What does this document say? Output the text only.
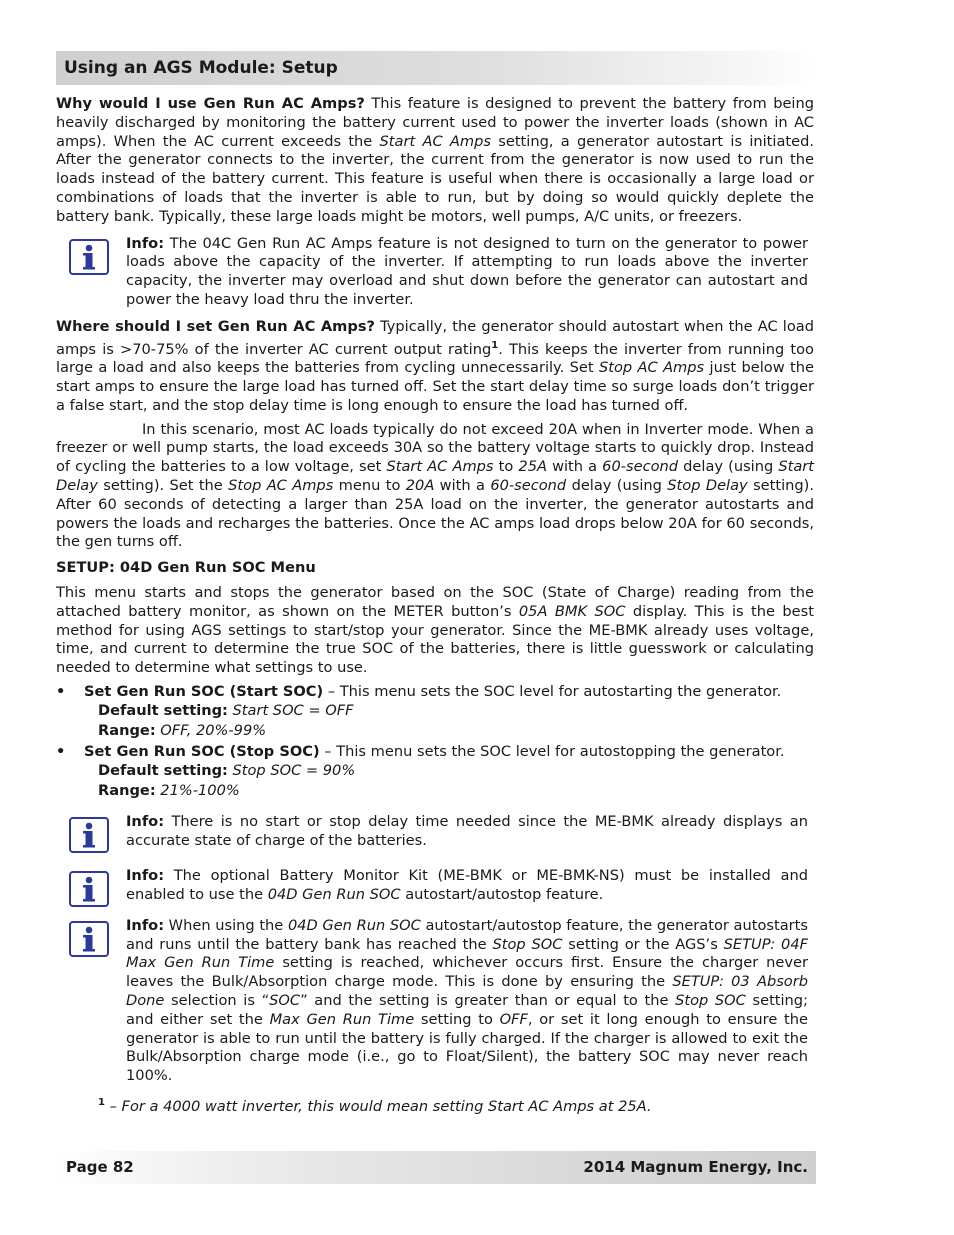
Using an AGS Module: Setup

Why would I use Gen Run AC Amps? This feature is designed to prevent the battery from being heavily discharged by monitoring the battery current used to power the inverter loads (shown in AC amps). When the AC current exceeds the Start AC Amps setting, a generator autostart is initiated. After the generator connects to the inverter, the current from the generator is now used to run the loads instead of the battery current. This feature is useful when there is occasionally a large load or combinations of loads that the inverter is able to run, but by doing so would quickly deplete the battery bank. Typically, these large loads might be motors, well pumps, A/C units, or freezers.

Info: The 04C Gen Run AC Amps feature is not designed to turn on the generator to power loads above the capacity of the inverter. If attempting to run loads above the inverter capacity, the inverter may overload and shut down before the generator can autostart and power the heavy load thru the inverter.

Where should I set Gen Run AC Amps? Typically, the generator should autostart when the AC load amps is >70-75% of the inverter AC current output rating$^1$. This keeps the inverter from running too large a load and also keeps the batteries from cycling unnecessarily. Set Stop AC Amps just below the start amps to ensure the large load has turned off. Set the start delay time so surge loads don’t trigger a false start, and the stop delay time is long enough to ensure the load has turned off.

In this scenario, most AC loads typically do not exceed 20A when in Inverter mode. When a freezer or well pump starts, the load exceeds 30A so the battery voltage starts to quickly drop. Instead of cycling the batteries to a low voltage, set Start AC Amps to 25A with a 60-second delay (using Start Delay setting). Set the Stop AC Amps menu to 20A with a 60-second delay (using Stop Delay setting). After 60 seconds of detecting a larger than 25A load on the inverter, the generator autostarts and powers the loads and recharges the batteries. Once the AC amps load drops below 20A for 60 seconds, the gen turns off.

SETUP: 04D Gen Run SOC Menu

This menu starts and stops the generator based on the SOC (State of Charge) reading from the attached battery monitor, as shown on the METER button’s 05A BMK SOC display. This is the best method for using AGS settings to start/stop your generator. Since the ME-BMK already uses voltage, time, and current to determine the true SOC of the batteries, there is little guesswork or calculating needed to determine what settings to use.

•	Set Gen Run SOC (Start SOC) – This menu sets the SOC level for autostarting the generator.
Default setting: Start SOC = OFF
Range: OFF, 20%-99%
•	Set Gen Run SOC (Stop SOC) – This menu sets the SOC level for autostopping the generator.
Default setting: Stop SOC = 90%
Range: 21%-100%

Info: There is no start or stop delay time needed since the ME-BMK already displays an accurate state of charge of the batteries.

Info: The optional Battery Monitor Kit (ME-BMK or ME-BMK-NS) must be installed and enabled to use the 04D Gen Run SOC autostart/autostop feature.

Info: When using the 04D Gen Run SOC autostart/autostop feature, the generator autostarts and runs until the battery bank has reached the Stop SOC setting or the AGS’s SETUP: 04F Max Gen Run Time setting is reached, whichever occurs first. Ensure the charger never leaves the Bulk/Absorption charge mode. This is done by ensuring the SETUP: 03 Absorb Done selection is “SOC” and the setting is greater than or equal to the Stop SOC setting; and either set the Max Gen Run Time setting to OFF, or set it long enough to ensure the generator is able to run until the battery is fully charged. If the charger is allowed to exit the Bulk/Absorption charge mode (i.e., go to Float/Silent), the battery SOC may never reach 100%.

$^1$ – For a 4000 watt inverter, this would mean setting Start AC Amps at 25A.
Page 82	2014 Magnum Energy, Inc.
